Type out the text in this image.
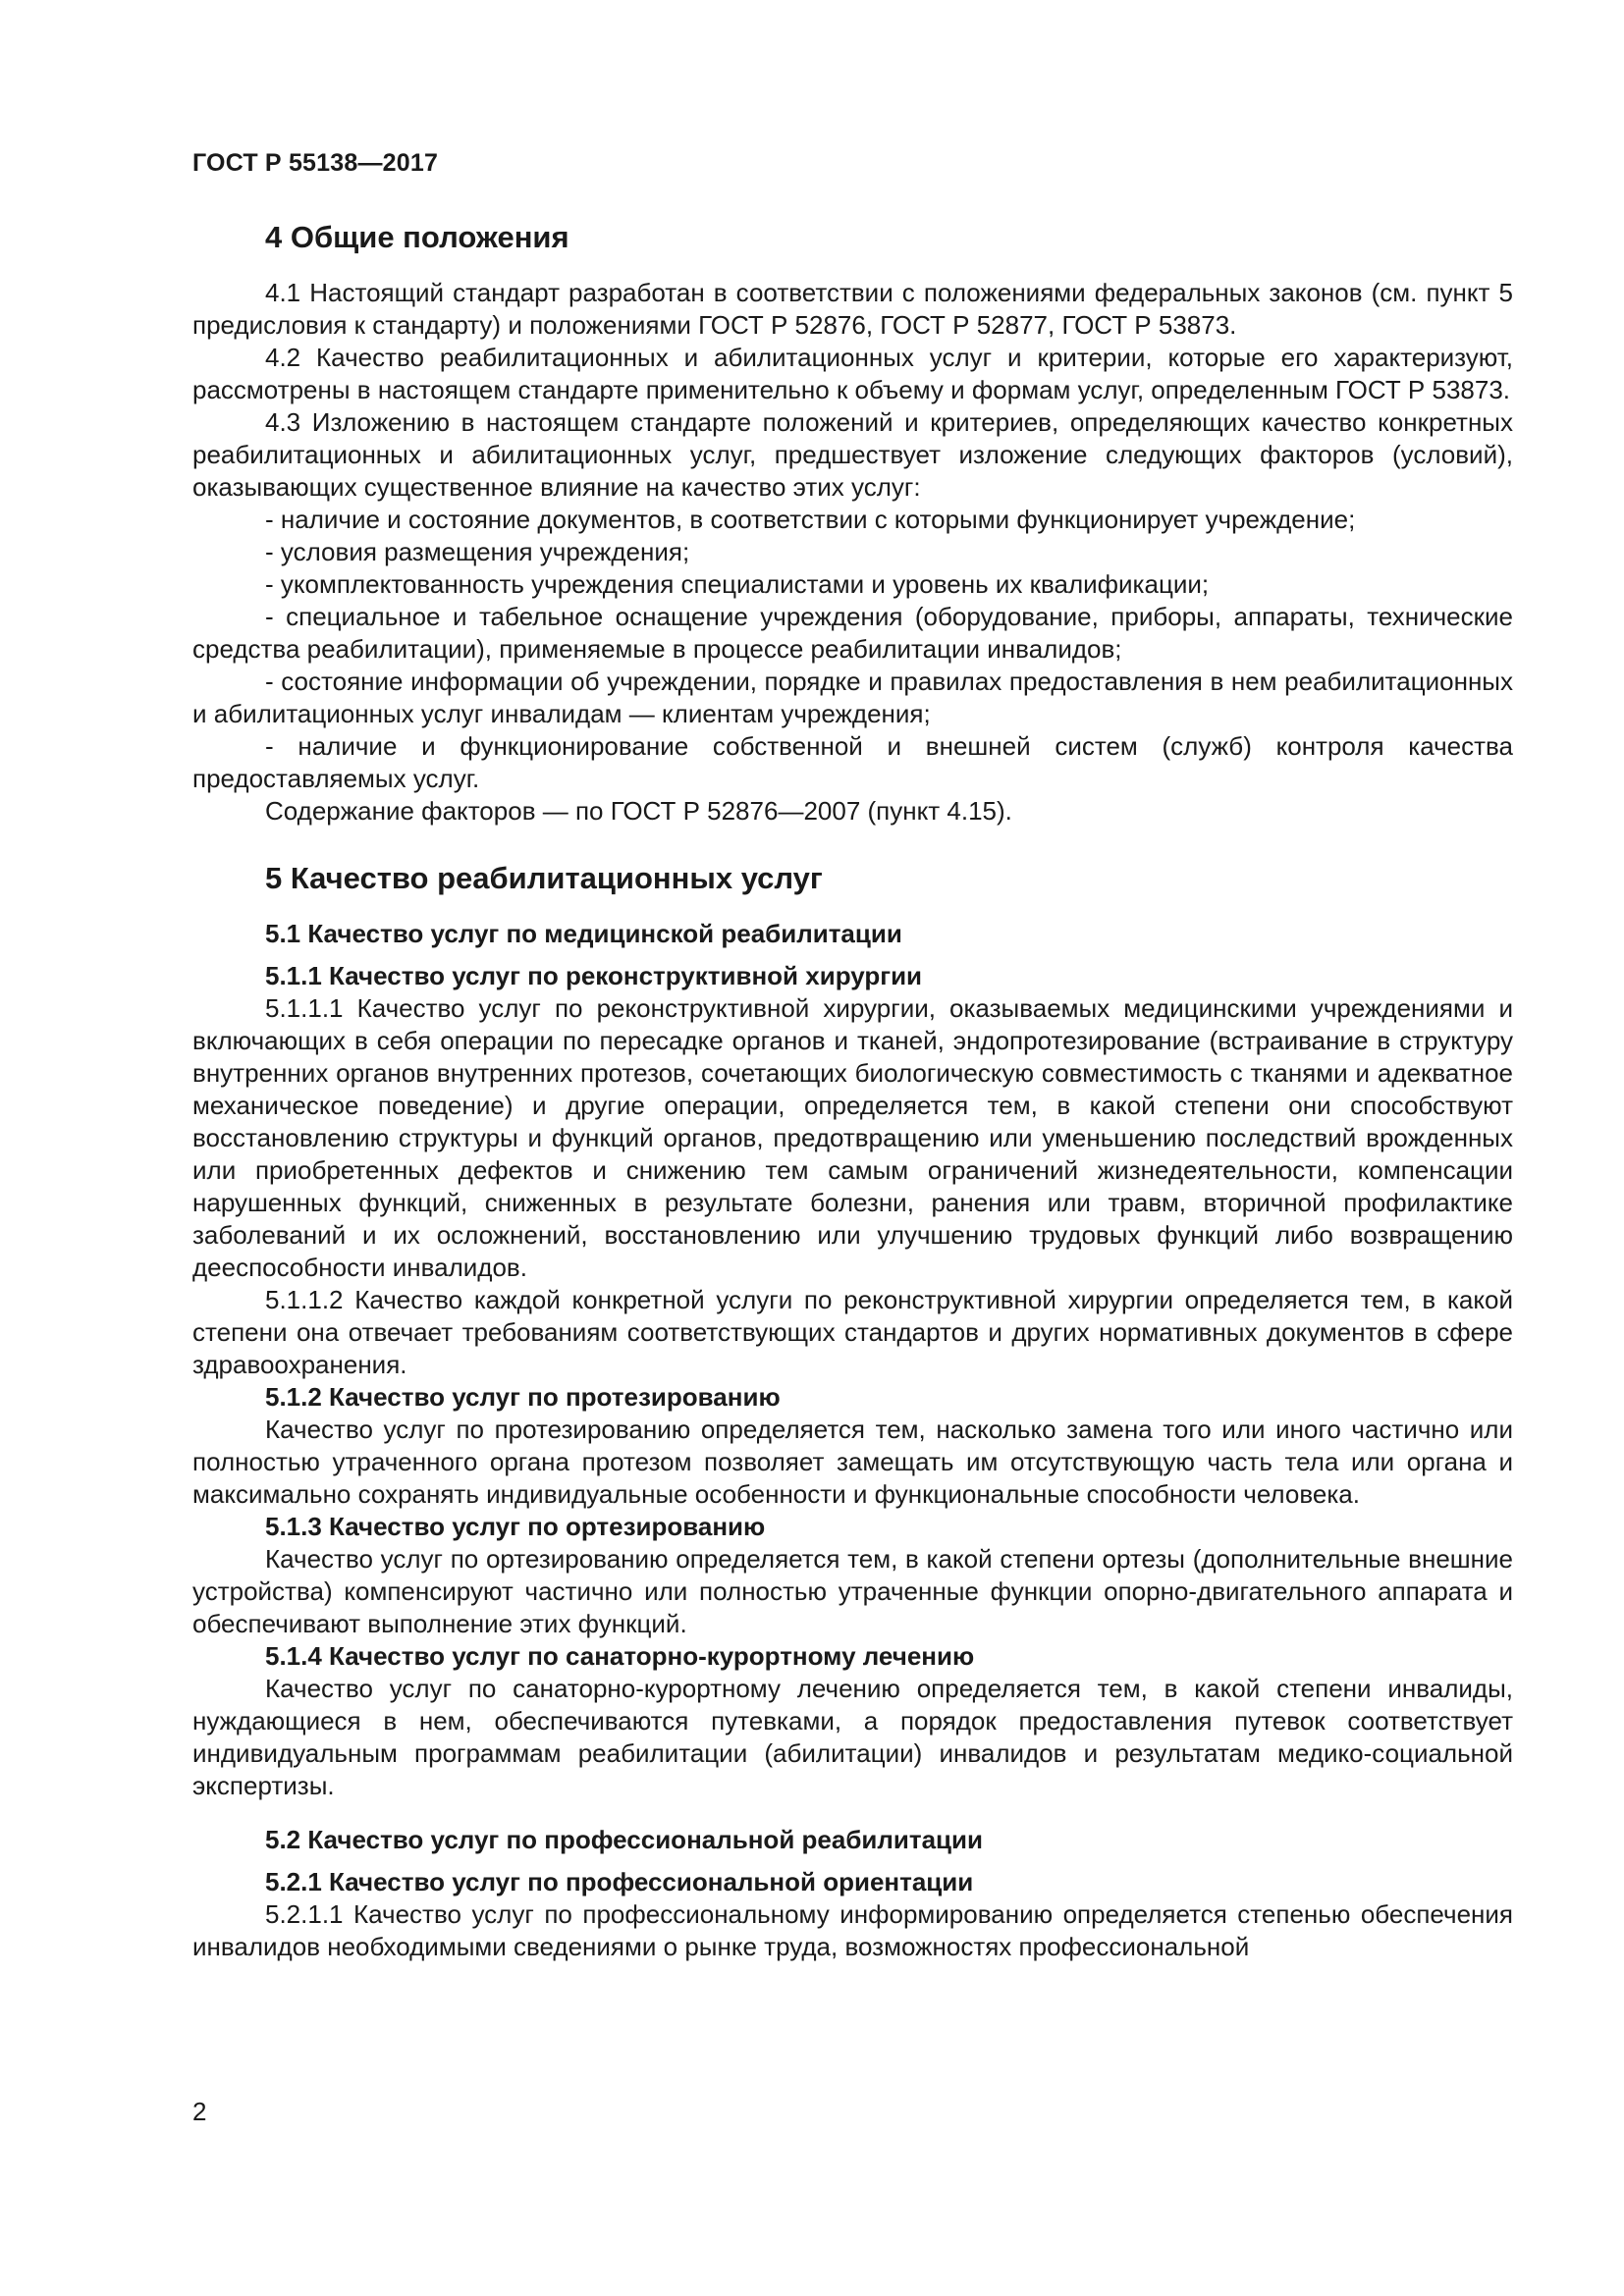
ГОСТ Р 55138—2017
4 Общие положения

4.1 Настоящий стандарт разработан в соответствии с положениями федеральных законов (см. пункт 5 предисловия к стандарту) и положениями ГОСТ Р 52876, ГОСТ Р 52877, ГОСТ Р 53873.

4.2 Качество реабилитационных и абилитационных услуг и критерии, которые его характеризуют, рассмотрены в настоящем стандарте применительно к объему и формам услуг, определенным ГОСТ Р 53873.

4.3 Изложению в настоящем стандарте положений и критериев, определяющих качество конкретных реабилитационных и абилитационных услуг, предшествует изложение следующих факторов (условий), оказывающих существенное влияние на качество этих услуг:

- наличие и состояние документов, в соответствии с которыми функционирует учреждение;

- условия размещения учреждения;

- укомплектованность учреждения специалистами и уровень их квалификации;

- специальное и табельное оснащение учреждения (оборудование, приборы, аппараты, технические средства реабилитации), применяемые в процессе реабилитации инвалидов;

- состояние информации об учреждении, порядке и правилах предоставления в нем реабилитационных и абилитационных услуг инвалидам — клиентам учреждения;

- наличие и функционирование собственной и внешней систем (служб) контроля качества предоставляемых услуг.

Содержание факторов — по ГОСТ Р 52876—2007 (пункт 4.15).

5 Качество реабилитационных услуг
5.1 Качество услуг по медицинской реабилитации
5.1.1 Качество услуг по реконструктивной хирургии

5.1.1.1 Качество услуг по реконструктивной хирургии, оказываемых медицинскими учреждениями и включающих в себя операции по пересадке органов и тканей, эндопротезирование (встраивание в структуру внутренних органов внутренних протезов, сочетающих биологическую совместимость с тканями и адекватное механическое поведение) и другие операции, определяется тем, в какой степени они способствуют восстановлению структуры и функций органов, предотвращению или уменьшению последствий врожденных или приобретенных дефектов и снижению тем самым ограничений жизнедеятельности, компенсации нарушенных функций, сниженных в результате болезни, ранения или травм, вторичной профилактике заболеваний и их осложнений, восстановлению или улучшению трудовых функций либо возвращению дееспособности инвалидов.

5.1.1.2 Качество каждой конкретной услуги по реконструктивной хирургии определяется тем, в какой степени она отвечает требованиям соответствующих стандартов и других нормативных документов в сфере здравоохранения.

5.1.2 Качество услуг по протезированию

Качество услуг по протезированию определяется тем, насколько замена того или иного частично или полностью утраченного органа протезом позволяет замещать им отсутствующую часть тела или органа и максимально сохранять индивидуальные особенности и функциональные способности человека.

5.1.3 Качество услуг по ортезированию

Качество услуг по ортезированию определяется тем, в какой степени ортезы (дополнительные внешние устройства) компенсируют частично или полностью утраченные функции опорно-двигательного аппарата и обеспечивают выполнение этих функций.

5.1.4 Качество услуг по санаторно-курортному лечению

Качество услуг по санаторно-курортному лечению определяется тем, в какой степени инвалиды, нуждающиеся в нем, обеспечиваются путевками, а порядок предоставления путевок соответствует индивидуальным программам реабилитации (абилитации) инвалидов и результатам медико-социальной экспертизы.

5.2 Качество услуг по профессиональной реабилитации
5.2.1 Качество услуг по профессиональной ориентации

5.2.1.1 Качество услуг по профессиональному информированию определяется степенью обеспечения инвалидов необходимыми сведениями о рынке труда, возможностях профессиональной

2
